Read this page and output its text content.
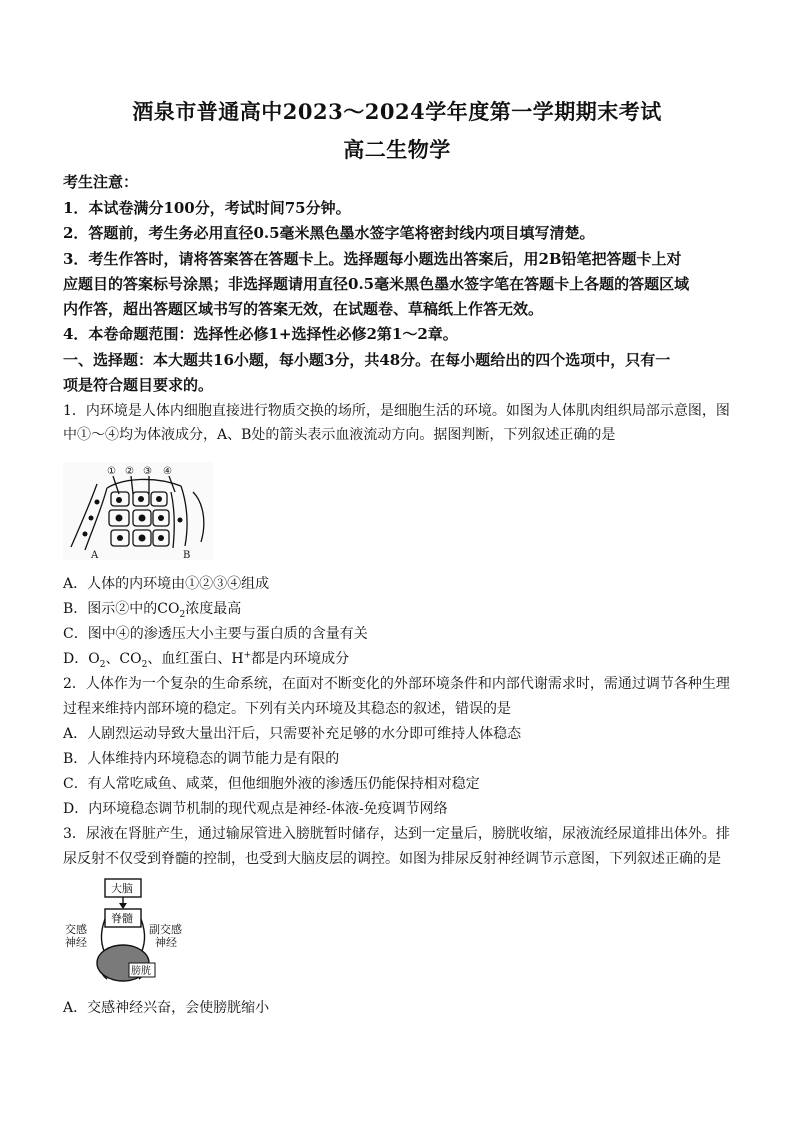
酒泉市普通高中2023～2024学年度第一学期期末考试
高二生物学
考生注意：
1．本试卷满分100分，考试时间75分钟。
2．答题前，考生务必用直径0.5毫米黑色墨水签字笔将密封线内项目填写清楚。
3．考生作答时，请将答案答在答题卡上。选择题每小题选出答案后，用2B铅笔把答题卡上对
应题目的答案标号涂黑；非选择题请用直径0.5毫米黑色墨水签字笔在答题卡上各题的答题区域
内作答，超出答题区域书写的答案无效，在试题卷、草稿纸上作答无效。
4．本卷命题范围：选择性必修1+选择性必修2第1～2章。
一、选择题：本大题共16小题，每小题3分，共48分。在每小题给出的四个选项中，只有一
项是符合题目要求的。
1．内环境是人体内细胞直接进行物质交换的场所，是细胞生活的环境。如图为人体肌肉组织局部示意图，图
中①～④均为体液成分，A、B处的箭头表示血液流动方向。据图判断，下列叙述正确的是
① ② ③ ④
A	B
A．人体的内环境由①②③④组成
B．图示②中的$CO_2$浓度最高
C．图中④的渗透压大小主要与蛋白质的含量有关
D．$O_2$、$CO_2$、血红蛋白、H+都是内环境成分
2．人体作为一个复杂的生命系统，在面对不断变化的外部环境条件和内部代谢需求时，需通过调节各种生理
过程来维持内部环境的稳定。下列有关内环境及其稳态的叙述，错误的是
A．人剧烈运动导致大量出汗后，只需要补充足够的水分即可维持人体稳态
B．人体维持内环境稳态的调节能力是有限的
C．有人常吃咸鱼、咸菜，但他细胞外液的渗透压仍能保持相对稳定
D．内环境稳态调节机制的现代观点是神经-体液-免疫调节网络
3．尿液在肾脏产生，通过输尿管进入膀胱暂时储存，达到一定量后，膀胱收缩，尿液流经尿道排出体外。排
尿反射不仅受到脊髓的控制，也受到大脑皮层的调控。如图为排尿反射神经调节示意图，下列叙述正确的是
大脑
脊髓
交感
神经
副交感
神经
膀胱
A．交感神经兴奋，会使膀胱缩小
